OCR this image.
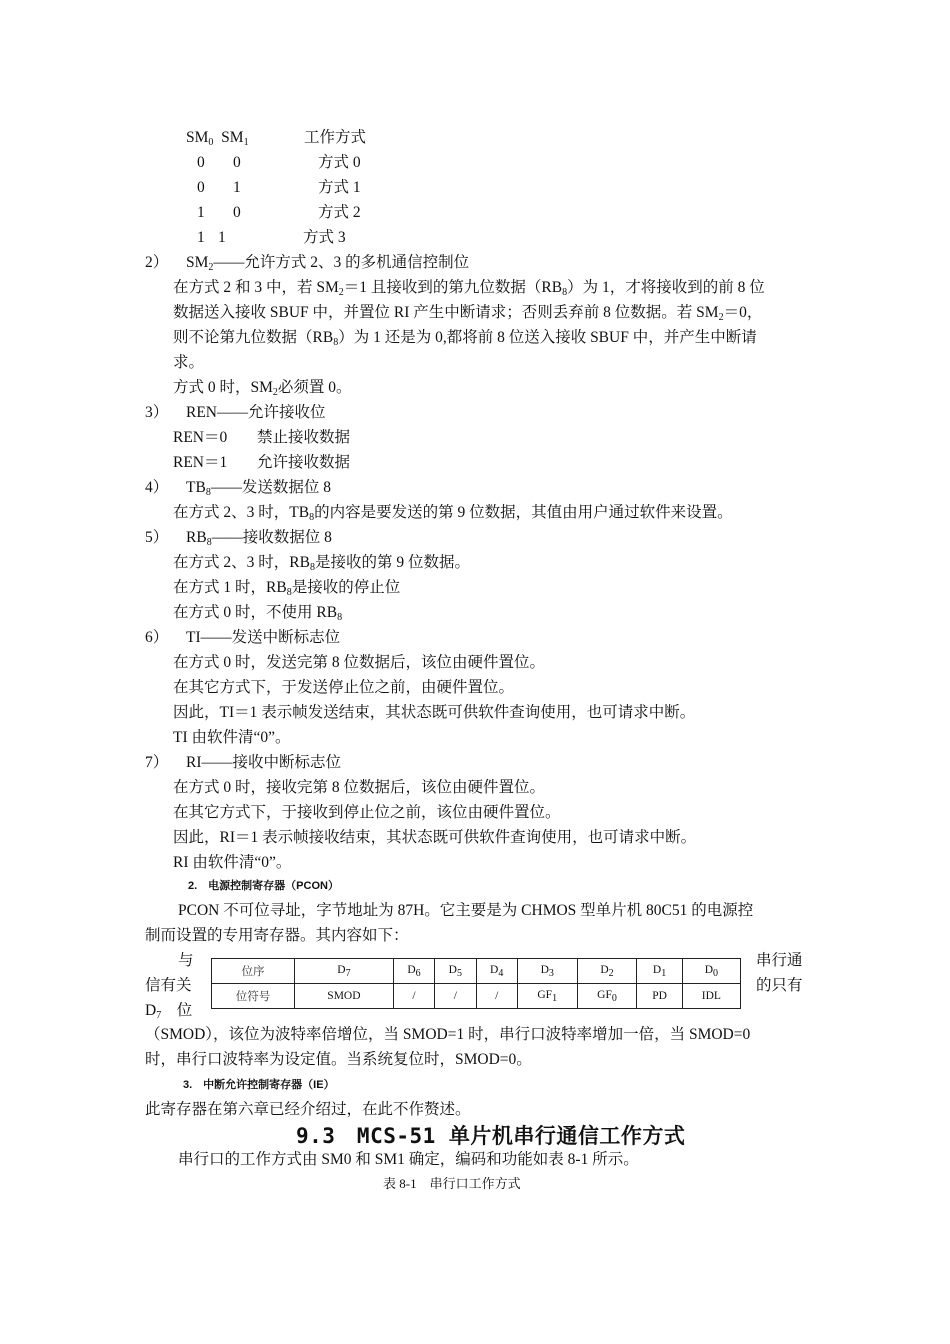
$SM_0$ $SM_1$	工作方式
0 0	方式 0
0 1	方式 1
1 0	方式 2
1 1	方式 3
2） $SM_2——$允许方式 2、3 的多机通信控制位
在方式 2 和 3 中，若 $SM_2=1$ 且接收到的第九位数据$(RB_8)$为 1，才将接收到的前 8 位
数据送入接收 SBUF 中，并置位 RI 产生中断请求；否则丢弃前 8 位数据。若 $SM_2=0$，
则不论第九位数据$(RB_8)$为 1 还是为 0,都将前 8 位送入接收 SBUF 中，并产生中断请
求。
方式 0 时，$SM_2$必须置 0。
3） REN——允许接收位
REN＝0 禁止接收数据
REN＝1 允许接收数据
4） $TB_8——$发送数据位 8
在方式 2、3 时，$TB_8$的内容是要发送的第 9 位数据，其值由用户通过软件来设置。
5） $RB_8——$接收数据位 8
在方式 2、3 时，$RB_8$是接收的第 9 位数据。
在方式 1 时，$RB_8$是接收的停止位
在方式 0 时，不使用 $RB_8$
6） TI——发送中断标志位
在方式 0 时，发送完第 8 位数据后，该位由硬件置位。
在其它方式下，于发送停止位之前，由硬件置位。
因此，TI＝1 表示帧发送结束，其状态既可供软件查询使用，也可请求中断。
TI 由软件清“0”。
7） RI——接收中断标志位
在方式 0 时，接收完第 8 位数据后，该位由硬件置位。
在其它方式下，于接收到停止位之前，该位由硬件置位。
因此，RI＝1 表示帧接收结束，其状态既可供软件查询使用，也可请求中断。
RI 由软件清“0”。
2.　电源控制寄存器（PCON）
PCON 不可位寻址，字节地址为 87H。它主要是为 CHMOS 型单片机 80C51 的电源控
制而设置的专用寄存器。其内容如下：
与
信有关
$D_7$ 位
串行通
的只有
位序	D7	D6	D5	D4	D3	D2	D1	D0
位符号	SMOD	/	/	/	GF1	GF0	PD	IDL
（SMOD），该位为波特率倍增位，当 SMOD=1 时，串行口波特率增加一倍，当 SMOD=0
时，串行口波特率为设定值。当系统复位时，SMOD=0。
3.　中断允许控制寄存器（IE）
此寄存器在第六章已经介绍过，在此不作赘述。
9.3　MCS-51 单片机串行通信工作方式
串行口的工作方式由 SM0 和 SM1 确定，编码和功能如表 8-1 所示。
表 8-1　串行口工作方式
